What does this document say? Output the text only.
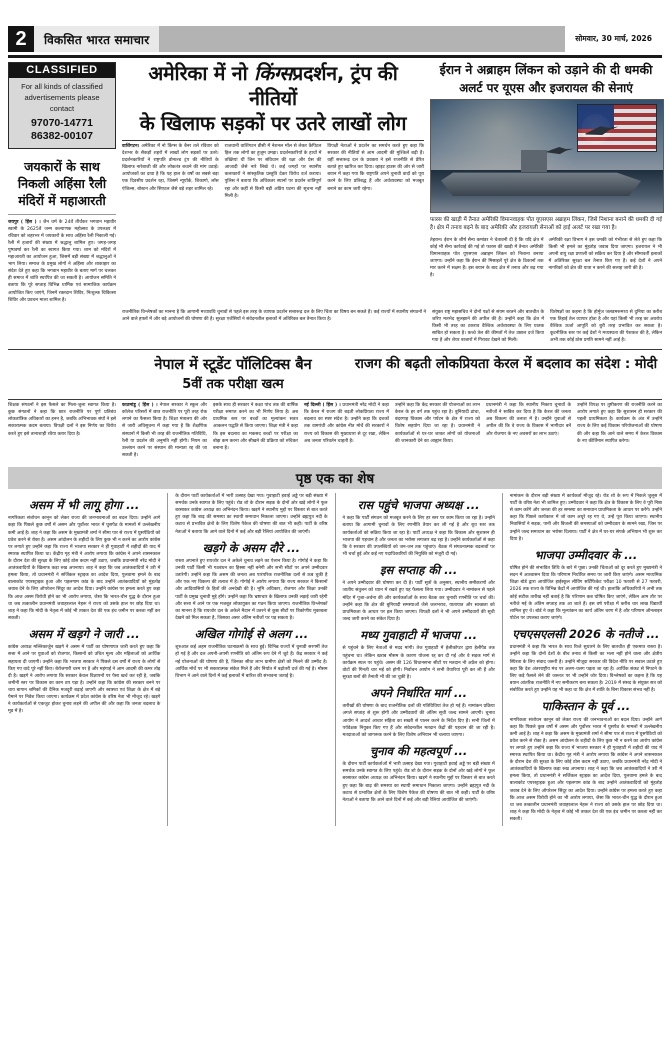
2	विकसित भारत समाचार	सोमवार, 30 मार्च, 2026
CLASSIFIED
For all kinds of classified advertisements please contact
97070-14771
86382-00107
जयकारों के साथ निकली अहिंसा रैली मंदिरों में महाआरती

जयपुर ( हिंस ) । जैन धर्म के 24वें तीर्थंकर भगवान महावीर स्वामी के 2625वें जन्म कल्याणक महोत्सव के उपलक्ष्य में रविवार को शहरभर में जयकारों के साथ अहिंसा रैली निकाली गई। रैली में हजारों की संख्या में श्रद्धालु शामिल हुए। जगह-जगह पुष्पवर्षा कर रैली का स्वागत किया गया। शाम को मंदिरों में महाआरती का आयोजन हुआ, जिसमें बड़ी संख्या में श्रद्धालुओं ने भाग लिया। समाज के प्रमुख लोगों ने अहिंसा और शाकाहार का संदेश देते हुए कहा कि भगवान महावीर के बताए मार्ग पर चलकर ही समाज में शांति स्थापित की जा सकती है। आयोजन समिति ने बताया कि पूरे सप्ताह विभिन्न धार्मिक एवं सामाजिक कार्यक्रम आयोजित किए जाएंगे, जिनमें रक्तदान शिविर, निःशुल्क चिकित्सा शिविर और प्रवचन माला शामिल है।

अमेरिका में नो किंग्सप्रदर्शन, ट्रंप की नीतियों
के खिलाफ सड़कों पर उतरे लाखों लोग

वाशिंगटन। अमेरिका में नो किंग्स के बैनर तले रविवार को देशभर के सैकड़ों शहरों में लाखों लोग सड़कों पर उतरे। प्रदर्शनकारियों ने राष्ट्रपति डोनाल्ड ट्रंप की नीतियों के खिलाफ नारेबाजी की और लोकतंत्र बचाने की मांग उठाई। आयोजकों का दावा है कि यह हाल के वर्षों का सबसे बड़ा एक दिवसीय प्रदर्शन रहा, जिसमें न्यूयॉर्क, शिकागो, लॉस एंजिल्स, बोस्टन और सिएटल जैसे बड़े शहर शामिल रहे।

राजधानी वाशिंगटन डीसी में नेशनल मॉल से लेकर कैपिटल हिल तक लोगों का हुजूम उमड़ा। प्रदर्शनकारियों के हाथों में तख्तियां थीं जिन पर संविधान की रक्षा और प्रेस की आजादी जैसे नारे लिखे थे। कई जगहों पर स्थानीय कलाकारों ने सांस्कृतिक प्रस्तुति देकर विरोध दर्ज कराया। पुलिस ने बताया कि अधिकतर स्थानों पर प्रदर्शन शांतिपूर्ण रहा और कहीं से किसी बड़ी अप्रिय घटना की सूचना नहीं मिली है।

विपक्षी नेताओं ने प्रदर्शन का समर्थन करते हुए कहा कि सरकार की नीतियों से आम आदमी की मुश्किलें बढ़ी हैं। वहीं सत्तारूढ़ दल के प्रवक्ता ने इसे राजनीति से प्रेरित बताते हुए खारिज कर दिया। व्हाइट हाउस की ओर से जारी बयान में कहा गया कि राष्ट्रपति अपने चुनावी वादों को पूरा करने के लिए प्रतिबद्ध हैं और अर्थव्यवस्था को मजबूत बनाने का काम जारी रहेगा।

ईरान ने अब्राहम लिंकन को उड़ाने की दी धमकी
अलर्ट पर यूएस और इजरायल की सेनाएं
फारस की खाड़ी में तैनात अमेरिकी विमानवाहक पोत यूएसएस अब्राहम लिंकन, जिसे निशाना बनाने की धमकी दी गई है। क्षेत्र में तनाव बढ़ने के बाद अमेरिकी और इजरायली सेनाओं को हाई अलर्ट पर रखा गया है।

तेहरान। ईरान के शीर्ष सैन्य कमांडर ने चेतावनी दी है कि यदि क्षेत्र में कोई भी सैन्य कार्रवाई की गई तो फारस की खाड़ी में तैनात अमेरिकी विमानवाहक पोत यूएसएस अब्राहम लिंकन को निशाना बनाया जाएगा। उन्होंने कहा कि ईरान की मिसाइलें पूरे क्षेत्र के ठिकानों तक मार करने में सक्षम हैं। इस बयान के बाद क्षेत्र में तनाव और बढ़ गया है।

अमेरिकी रक्षा विभाग ने इस धमकी को गंभीरता से लेते हुए कहा कि किसी भी हमले का मुंहतोड़ जवाब दिया जाएगा। इजरायल ने भी अपनी वायु रक्षा प्रणाली को सक्रिय कर दिया है और सीमावर्ती इलाकों में अतिरिक्त सुरक्षा बल तैनात किए गए हैं। कई देशों ने अपने नागरिकों को क्षेत्र की यात्रा न करने की सलाह जारी की है।

राजनीतिक विश्लेषकों का मानना है कि आगामी मध्यावधि चुनावों से पहले इस तरह के व्यापक प्रदर्शन सत्तारूढ़ दल के लिए चिंता का विषय बन सकते हैं। कई राज्यों में स्थानीय संगठनों ने आने वाले हफ्तों में और बड़े आयोजनों की घोषणा की है। सुरक्षा एजेंसियों ने संवेदनशील इलाकों में अतिरिक्त बल तैनात किया है।

संयुक्त राष्ट्र महासचिव ने दोनों पक्षों से संयम बरतने और बातचीत के जरिए मतभेद सुलझाने की अपील की है। उन्होंने कहा कि क्षेत्र में किसी भी तरह का टकराव वैश्विक अर्थव्यवस्था के लिए घातक साबित हो सकता है। कच्चे तेल की कीमतों में तेज उछाल दर्ज किया गया है और शेयर बाजारों में गिरावट देखने को मिली।

विशेषज्ञों का कहना है कि होर्मुज जलडमरूमध्य से दुनिया का करीब एक तिहाई तेल व्यापार होता है और यहां किसी भी तरह का अवरोध वैश्विक ऊर्जा आपूर्ति को बुरी तरह प्रभावित कर सकता है। कूटनीतिक स्तर पर कई देशों ने मध्यस्थता की पेशकश की है, लेकिन अभी तक कोई ठोस प्रगति सामने नहीं आई है।

नेपाल में स्टूडेंट पॉलिटिक्स बैन
5वीं तक परीक्षा खत्म
राजग की बढ़ती लोकप्रियता केरल में बदलाव का संदेश : मोदी

शिक्षक संगठनों ने इस फैसले का मिला-जुला स्वागत किया है। कुछ संगठनों ने कहा कि छात्र राजनीति पर पूर्ण प्रतिबंध लोकतांत्रिक अधिकारों का हनन है, जबकि अभिभावक संघों ने इसे सकारात्मक कदम बताया। विपक्षी दलों ने इस निर्णय का विरोध करते हुए इसे तानाशाही रवैया करार दिया है।

काठमांडू ( हिंस ) । नेपाल सरकार ने स्कूल और कॉलेज परिसरों में छात्र राजनीति पर पूरी तरह रोक लगाने का फैसला किया है। शिक्षा मंत्रालय की ओर से जारी अधिसूचना में कहा गया है कि शैक्षणिक संस्थानों में किसी भी तरह की राजनीतिक गतिविधि, रैली या प्रदर्शन की अनुमति नहीं होगी। नियम का उल्लंघन करने पर संस्थान की मान्यता रद्द की जा सकती है।

इसके साथ ही सरकार ने कक्षा पांच तक की वार्षिक परीक्षा समाप्त करने का भी निर्णय लिया है। अब प्राथमिक स्तर पर बच्चों का मूल्यांकन सतत आकलन पद्धति से किया जाएगा। शिक्षा मंत्री ने कहा कि इस बदलाव का मकसद बच्चों पर परीक्षा का बोझ कम करना और सीखने की प्रक्रिया को रुचिकर बनाना है।

नई दिल्ली ( हिंस ) । प्रधानमंत्री नरेंद्र मोदी ने कहा कि केरल में राजग की बढ़ती लोकप्रियता राज्य में बदलाव का स्पष्ट संदेश है। उन्होंने कहा कि दशकों तक वामपंथी और कांग्रेस नीत मोर्चे की सरकारों ने राज्य को विकास की मुख्यधारा से दूर रखा, लेकिन अब जनता परिवर्तन चाहती है।

उन्होंने कहा कि केंद्र सरकार की योजनाओं का लाभ केरल के हर वर्ग तक पहुंच रहा है। बुनियादी ढांचा, बंदरगाह विकास और पर्यटन के क्षेत्र में राज्य को विशेष सहयोग दिया जा रहा है। प्रधानमंत्री ने कार्यकर्ताओं से घर-घर जाकर लोगों को योजनाओं की जानकारी देने का आह्वान किया।

प्रधानमंत्री ने कहा कि स्थानीय निकाय चुनावों के नतीजों ने साबित कर दिया है कि केरल की जनता अब विकल्प की तलाश में है। उन्होंने युवाओं से अपील की कि वे राज्य के विकास में भागीदार बनें और रोजगार के नए अवसरों का लाभ उठाएं।

उन्होंने विपक्ष पर तुष्टीकरण की राजनीति करने का आरोप लगाते हुए कहा कि सुशासन ही सरकार की पहली प्राथमिकता है। कार्यक्रम के अंत में उन्होंने राज्य के लिए कई विकास परियोजनाओं की घोषणा की और कहा कि आने वाले समय में केरल विकास के नए कीर्तिमान स्थापित करेगा।

पृष्ठ एक का शेष
असम में भी लागू होगा ...

नागरिकता संशोधन कानून को लेकर राज्य की जनभावनाओं का बदल दिया। उन्होंने आगे कहा कि पिछले कुछ वर्षों में असम और पूर्वोत्तर भारत में घुसपैठ के मामलों में उल्लेखनीय कमी आई है। शाह ने कहा कि असम के मुख्यमंत्री शर्मा ने सीमा पार से राज्य में घुसपैठियों को प्रवेश करने से रोका है। असम आंदोलन के शहीदों के लिए कुछ भी न करने का आरोप कांग्रेस पर लगाते हुए उन्होंने कहा कि राज्य में भाजपा सरकार ने ही गुवाहाटी में शहीदों की याद में स्मारक स्थापित किया था। केंद्रीय गृह मंत्री ने आरोप लगाया कि कांग्रेस ने अपने शासनकाल के दौरान देश की सुरक्षा के लिए कोई ठोस कदम नहीं उठाए, जबकि प्रधानमंत्री नरेंद्र मोदी ने आतंकवादियों के खिलाफ कड़ा रुख अपनाया। शाह ने कहा कि जब आतंकवादियों ने उरी में हमला किया, तो प्रधानमंत्री ने सर्जिकल स्ट्राइक का आदेश दिया, पुलवामा हमले के बाद बालाकोट एयरस्ट्राइक हुआ और पहलगाम कांड के बाद उन्होंने आतंकवादियों को मुंहतोड़ जवाब देने के लिए ऑपरेशन सिंदूर का आदेश दिया। उन्होंने कांग्रेस पर हमला करते हुए कहा कि आज असम विरोधी होने का भी आरोप लगाया, जैसा कि भारत-चीन युद्ध के दौरान हुआ था जब तत्कालीन प्रधानमंत्री जवाहरलाल नेहरू ने राज्य को उसके हाल पर छोड़ दिया था। शाह ने कहा कि मोदी के नेतृत्व में कोई भी ताकत देश की एक इंच जमीन पर कब्जा नहीं कर सकती।

असम में खड़गे ने जारी ...

कांग्रेस अध्यक्ष मल्लिकार्जुन खड़गे ने असम में पार्टी का घोषणापत्र जारी करते हुए कहा कि सत्ता में आने पर युवाओं को रोजगार, किसानों को उचित मूल्य और महिलाओं को आर्थिक सहायता दी जाएगी। उन्होंने कहा कि भाजपा सरकार ने पिछले दस वर्षों में राज्य के लोगों से किए गए वादे पूरे नहीं किए। बेरोजगारी चरम पर है और महंगाई ने आम आदमी की कमर तोड़ दी है। खड़गे ने आरोप लगाया कि सरकार केवल विज्ञापनों पर पैसा खर्च कर रही है, जबकि जमीनी स्तर पर विकास का काम ठप पड़ा है। उन्होंने कहा कि कांग्रेस की सरकार बनने पर चाय बागान श्रमिकों की दैनिक मजदूरी बढ़ाई जाएगी और स्वास्थ्य एवं शिक्षा के क्षेत्र में बड़े पैमाने पर निवेश किया जाएगा। कार्यक्रम में प्रदेश कांग्रेस के वरिष्ठ नेता भी मौजूद रहे। खड़गे ने कार्यकर्ताओं से एकजुट होकर चुनाव लड़ने की अपील की और कहा कि जनता बदलाव के मूड में है।

के दौरान पार्टी कार्यकर्ताओं में भारी उत्साह देखा गया। गुवाहाटी हवाई अड्डे पर बड़ी संख्या में समर्थक उनके स्वागत के लिए पहुंचे। रोड शो के दौरान सड़क के दोनों ओर खड़े लोगों ने फूल बरसाकर कांग्रेस अध्यक्ष का अभिनंदन किया। खड़गे ने स्थानीय मुद्दों पर विस्तार से बात करते हुए कहा कि बाढ़ की समस्या का स्थायी समाधान निकाला जाएगा। उन्होंने ब्रह्मपुत्र नदी के कटाव से प्रभावित क्षेत्रों के लिए विशेष पैकेज की घोषणा की बात भी कही। पार्टी के वरिष्ठ नेताओं ने बताया कि आने वाले दिनों में कई और बड़ी रैलियां आयोजित की जाएंगी।

खड़गे के असम दौरे ...

रास्ता अपनाते हुए रायजोर दल ने अकेले चुनाव लड़ने का ऐलान किया है। गोगोई ने कहा कि उनकी पार्टी किसी भी गठबंधन का हिस्सा नहीं बनेगी और सभी सीटों पर अपने उम्मीदवार उतारेगी। उन्होंने कहा कि असम की जनता अब पारंपरिक राजनीतिक दलों से ऊब चुकी है और एक नए विकल्प की तलाश में है। गोगोई ने आरोप लगाया कि राज्य सरकार ने किसानों और आदिवासियों के हितों की अनदेखी की है। भूमि अधिकार, रोजगार और शिक्षा उनकी पार्टी के प्रमुख चुनावी मुद्दे होंगे। उन्होंने कहा कि भ्रष्टाचार के खिलाफ उनकी लड़ाई जारी रहेगी और सत्ता में आने पर एक मजबूत लोकायुक्त का गठन किया जाएगा। राजनीतिक विश्लेषकों का मानना है कि रायजोर दल के अकेले मैदान में उतरने से कुछ सीटों पर त्रिकोणीय मुकाबला देखने को मिल सकता है, जिसका असर अंतिम नतीजों पर पड़ सकता है।

अखिल गोगोई से अलग ...

शुरुआत कई अहम राजनीतिक घटनाक्रमों के साथ हुई। विभिन्न राज्यों में चुनावी सरगर्मी तेज हो गई है और दल अपनी-अपनी रणनीति को अंतिम रूप देने में जुटे हैं। केंद्र सरकार ने कई नई योजनाओं की घोषणा की है, जिनका सीधा लाभ ग्रामीण क्षेत्रों को मिलने की उम्मीद है। आर्थिक मोर्चे पर भी सकारात्मक संकेत मिले हैं और निर्यात में बढ़ोतरी दर्ज की गई है। मौसम विभाग ने आने वाले दिनों में कई इलाकों में बारिश की संभावना जताई है।

रास पहुंचे भाजपा अध्यक्ष ...

ने कहा कि पार्टी संगठन को मजबूत करने के लिए हर स्तर पर काम किया जा रहा है। उन्होंने बताया कि आगामी चुनावों के लिए रणनीति तैयार कर ली गई है और बूथ स्तर तक कार्यकर्ताओं को सक्रिय किया जा रहा है। पार्टी अध्यक्ष ने कहा कि विकास और सुशासन ही भाजपा की पहचान है और जनता का भरोसा लगातार बढ़ रहा है। उन्होंने कार्यकर्ताओं से कहा कि वे सरकार की उपलब्धियों को जन-जन तक पहुंचाएं। बैठक में संगठनात्मक बदलावों पर भी चर्चा हुई और कई नए पदाधिकारियों की नियुक्ति को मंजूरी दी गई।

इस सप्ताह की ...

ने अपने उम्मीदवार की घोषणा कर दी है। पार्टी सूत्रों के अनुसार, स्थानीय समीकरणों और जातीय संतुलन को ध्यान में रखते हुए यह फैसला लिया गया। उम्मीदवार ने नामांकन से पहले मंदिर में पूजा-अर्चना की और कार्यकर्ताओं के साथ बैठक कर चुनावी रणनीति पर चर्चा की। उन्होंने कहा कि क्षेत्र की बुनियादी समस्याओं जैसे जलभराव, यातायात और स्वच्छता को प्राथमिकता के आधार पर हल किया जाएगा। विपक्षी दलों ने भी अपने उम्मीदवारों की सूची जल्द जारी करने का संकेत दिया है।

मध्य गुवाहाटी में भाजपा ...

से पहुंचने के लिए नेताओं से मदद मांगी। तेज गुवाहाटी में हेलीकॉप्टर द्वारा हेलीपैड तक पहुंचना था। लेकिन खराब मौसम के कारण योजना रद्द कर दी गई और वे सड़क मार्ग से कार्यक्रम स्थल पर पहुंचे। असम की 126 विधानसभा सीटों पर मतदान नौ अप्रैल को होगा। वोटों की गिनती चार मई को होगी। निर्वाचन आयोग ने सभी तैयारियां पूरी कर ली हैं और सुरक्षा बलों की तैनाती भी की जा चुकी है।

अपने निर्धारित मार्ग ...

तारीखों की घोषणा के बाद राजनीतिक दलों की गतिविधियां तेज हो गई हैं। नामांकन प्रक्रिया अगले सप्ताह से शुरू होगी और उम्मीदवारों की अंतिम सूची जल्द सामने आएगी। चुनाव आयोग ने आदर्श आचार संहिता का सख्ती से पालन करने के निर्देश दिए हैं। सभी जिलों में पर्यवेक्षक नियुक्त किए गए हैं और संवेदनशील मतदान केंद्रों की पहचान की जा रही है। मतदाताओं को जागरूक करने के लिए विशेष अभियान भी चलाया जाएगा।

चुनाव की महत्वपूर्ण ...

के दौरान पार्टी कार्यकर्ताओं में भारी उत्साह देखा गया। गुवाहाटी हवाई अड्डे पर बड़ी संख्या में समर्थक उनके स्वागत के लिए पहुंचे। रोड शो के दौरान सड़क के दोनों ओर खड़े लोगों ने फूल बरसाकर कांग्रेस अध्यक्ष का अभिनंदन किया। खड़गे ने स्थानीय मुद्दों पर विस्तार से बात करते हुए कहा कि बाढ़ की समस्या का स्थायी समाधान निकाला जाएगा। उन्होंने ब्रह्मपुत्र नदी के कटाव से प्रभावित क्षेत्रों के लिए विशेष पैकेज की घोषणा की बात भी कही। पार्टी के वरिष्ठ नेताओं ने बताया कि आने वाले दिनों में कई और बड़ी रैलियां आयोजित की जाएंगी।

नामांकन के दौरान बड़ी संख्या में कार्यकर्ता मौजूद रहे। रोड शो के रूप में निकले जुलूस में पार्टी के वरिष्ठ नेता भी शामिल हुए। उम्मीदवार ने कहा कि क्षेत्र के विकास के लिए वे पूरी निष्ठा से काम करेंगे और जनता की हर समस्या का समाधान प्राथमिकता के आधार पर करेंगे। उन्होंने कहा कि पिछले कार्यकाल में जो काम अधूरे रह गए थे, उन्हें पूरा किया जाएगा। स्थानीय निवासियों ने सड़क, पानी और बिजली की समस्याओं को उम्मीदवार के सामने रखा, जिस पर उन्होंने जल्द समाधान का भरोसा दिलाया। पार्टी ने क्षेत्र में घर-घर संपर्क अभियान भी शुरू कर दिया है।

भाजपा उम्मीदवार के ...

घोषित होने की संभावित तिथि के बारे में पूछा। उनकी चिंताओं को दूर करते हुए मुख्यमंत्री ने सदन में आश्वासन दिया कि परिणाम निर्धारित समय पर जारी किए जाएंगे। असम माध्यमिक शिक्षा बोर्ड द्वारा आयोजित हाईस्कूल लीविंग सर्टिफिकेट परीक्षा 10 फरवरी से 27 फरवरी, 2026 तक राज्य के विभिन्न केंद्रों में आयोजित की गई थी। हालांकि अधिकारियों ने अभी तक कोई सटीक तारीख नहीं बताई है कि परिणाम कब घोषित किए जाएंगे, लेकिन आम तौर पर नतीजे मई के अंतिम सप्ताह तक आ जाते हैं। इस वर्ष परीक्षा में करीब चार लाख विद्यार्थी शामिल हुए थे। बोर्ड ने कहा कि मूल्यांकन का कार्य अंतिम चरण में है और परिणाम ऑनलाइन पोर्टल पर उपलब्ध कराए जाएंगे।

एचएसएलसी 2026 के नतीजे ...

प्रधानमंत्री ने कहा कि भारत के साथ रिश्ते सुधारने के लिए बातचीत ही एकमात्र रास्ता है। उन्होंने कहा कि दोनों देशों के बीच तनाव से किसी का भला नहीं होने वाला और क्षेत्रीय स्थिरता के लिए संवाद जरूरी है। उन्होंने मौजूदा सरकार की विदेश नीति पर सवाल उठाते हुए कहा कि देश अंतरराष्ट्रीय मंच पर अलग-थलग पड़ता जा रहा है। आर्थिक संकट से निपटने के लिए कड़े फैसले लेने की जरूरत पर भी उन्होंने जोर दिया। विश्लेषकों का कहना है कि यह बयान आंतरिक राजनीति में नए समीकरण बना सकता है। 2019 में संसद के संयुक्त सत्र को संबोधित करते हुए उन्होंने यह भी कहा था कि क्षेत्र में शांति के बिना विकास संभव नहीं है।

पाकिस्तान के पूर्व ...

नागरिकता संशोधन कानून को लेकर राज्य की जनभावनाओं का बदल दिया। उन्होंने आगे कहा कि पिछले कुछ वर्षों में असम और पूर्वोत्तर भारत में घुसपैठ के मामलों में उल्लेखनीय कमी आई है। शाह ने कहा कि असम के मुख्यमंत्री शर्मा ने सीमा पार से राज्य में घुसपैठियों को प्रवेश करने से रोका है। असम आंदोलन के शहीदों के लिए कुछ भी न करने का आरोप कांग्रेस पर लगाते हुए उन्होंने कहा कि राज्य में भाजपा सरकार ने ही गुवाहाटी में शहीदों की याद में स्मारक स्थापित किया था। केंद्रीय गृह मंत्री ने आरोप लगाया कि कांग्रेस ने अपने शासनकाल के दौरान देश की सुरक्षा के लिए कोई ठोस कदम नहीं उठाए, जबकि प्रधानमंत्री नरेंद्र मोदी ने आतंकवादियों के खिलाफ कड़ा रुख अपनाया। शाह ने कहा कि जब आतंकवादियों ने उरी में हमला किया, तो प्रधानमंत्री ने सर्जिकल स्ट्राइक का आदेश दिया, पुलवामा हमले के बाद बालाकोट एयरस्ट्राइक हुआ और पहलगाम कांड के बाद उन्होंने आतंकवादियों को मुंहतोड़ जवाब देने के लिए ऑपरेशन सिंदूर का आदेश दिया। उन्होंने कांग्रेस पर हमला करते हुए कहा कि आज असम विरोधी होने का भी आरोप लगाया, जैसा कि भारत-चीन युद्ध के दौरान हुआ था जब तत्कालीन प्रधानमंत्री जवाहरलाल नेहरू ने राज्य को उसके हाल पर छोड़ दिया था। शाह ने कहा कि मोदी के नेतृत्व में कोई भी ताकत देश की एक इंच जमीन पर कब्जा नहीं कर सकती।
